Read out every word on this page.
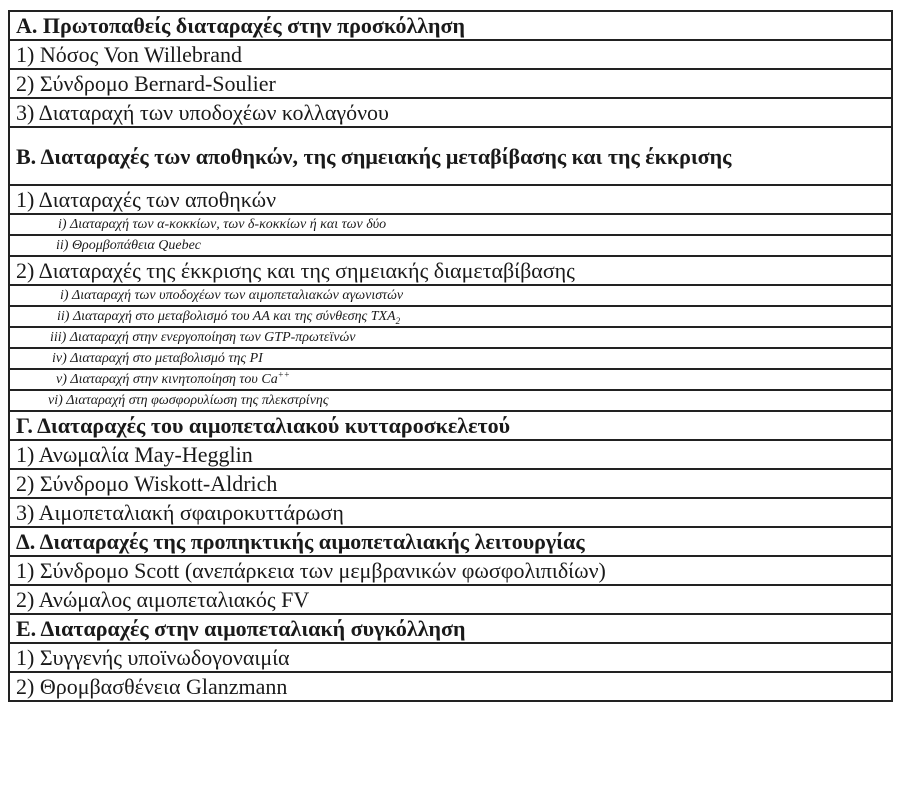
Α. Πρωτοπαθείς διαταραχές στην προσκόλληση
1) Νόσος Von Willebrand
2) Σύνδρομο Bernard-Soulier
3) Διαταραχή των υποδοχέων κολλαγόνου
Β. Διαταραχές των αποθηκών, της σημειακής μεταβίβασης και της έκκρισης
1) Διαταραχές των αποθηκών
i) Διαταραχή των α-κοκκίων, των δ-κοκκίων ή και των δύο
ii) Θρομβοπάθεια Quebec
2) Διαταραχές της έκκρισης και της σημειακής διαμεταβίβασης
i) Διαταραχή των υποδοχέων των αιμοπεταλιακών αγωνιστών
ii) Διαταραχή στο μεταβολισμό του ΑΑ και της σύνθεσης $TXA_2$
iii) Διαταραχή στην ενεργοποίηση των GTP-πρωτεϊνών
iv) Διαταραχή στο μεταβολισμό της PI
v) Διαταραχή στην κινητοποίηση του Ca++
vi) Διαταραχή στη φωσφορυλίωση της πλεκστρίνης
Γ. Διαταραχές του αιμοπεταλιακού κυτταροσκελετού
1) Ανωμαλία May-Hegglin
2) Σύνδρομο Wiskott-Aldrich
3) Αιμοπεταλιακή σφαιροκυττάρωση
Δ. Διαταραχές της προπηκτικής αιμοπεταλιακής λειτουργίας
1) Σύνδρομο Scott (ανεπάρκεια των μεμβρανικών φωσφολιπιδίων)
2) Ανώμαλος αιμοπεταλιακός FV
Ε. Διαταραχές στην αιμοπεταλιακή συγκόλληση
1) Συγγενής υποϊνωδογοναιμία
2) Θρομβασθένεια Glanzmann
